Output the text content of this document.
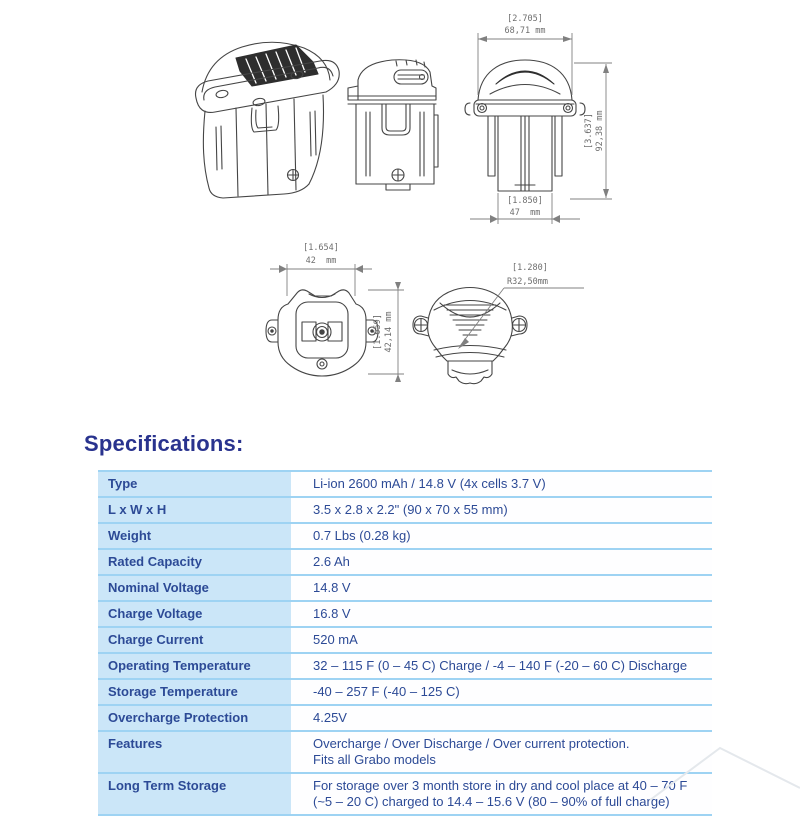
[2.705]
68,71 mm
[3.637] 92,38 mm
[1.850]
47  mm
[1.654]
42  mm
[1.659] 42,14 mm
[1.280]
R32,50mm
Specifications:
Type	Li-ion 2600 mAh / 14.8 V (4x cells 3.7 V)
L x W x H	3.5 x 2.8 x 2.2" (90 x 70 x 55 mm)
Weight	0.7 Lbs (0.28 kg)
Rated Capacity	2.6 Ah
Nominal Voltage	14.8 V
Charge Voltage	16.8 V
Charge Current	520 mA
Operating Temperature	32 – 115 F (0 – 45 C) Charge / -4 – 140 F (-20 – 60 C) Discharge
Storage Temperature	-40 – 257 F (-40 – 125 C)
Overcharge Protection	4.25V
Features	Overcharge / Over Discharge / Over current protection.
Fits all Grabo models
Long Term Storage	For storage over 3 month store in dry and cool place at 40 – 70 F (~5 – 20 C) charged to 14.4 – 15.6 V (80 – 90% of full charge)
